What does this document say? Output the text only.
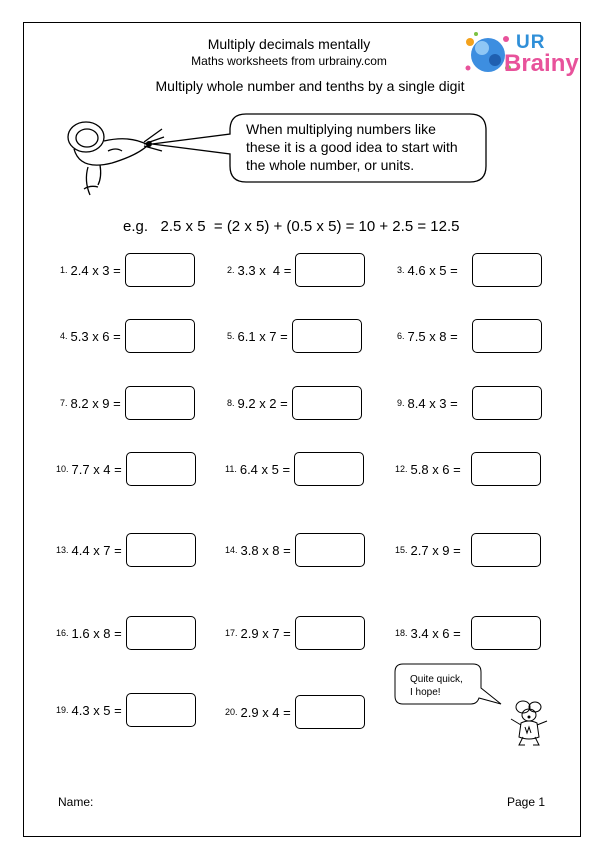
Multiply decimals mentally
Maths worksheets from urbrainy.com
Multiply whole number and tenths by a single digit
UR
Brainy
When multiplying numbers like
these it is a good idea to start with
the whole number, or units.
e.g.   2.5 x 5  = (2 x 5) + (0.5 x 5) = 10 + 2.5 = 12.5
1. 2.4 x 3 =	2. 3.3 x  4 =	3. 4.6 x 5 =
4. 5.3 x 6 =	5. 6.1 x 7 =	6. 7.5 x 8 =
7. 8.2 x 9 =	8. 9.2 x 2 =	9. 8.4 x 3 =
10. 7.7 x 4 =	11. 6.4 x 5 =	12. 5.8 x 6 =
13. 4.4 x 7 =	14. 3.8 x 8 =	15. 2.7 x 9 =
16. 1.6 x 8 =	17. 2.9 x 7 =	18. 3.4 x 6 =
19. 4.3 x 5 =	20. 2.9 x 4 =
Quite quick,
I hope!
Name:	Page 1
